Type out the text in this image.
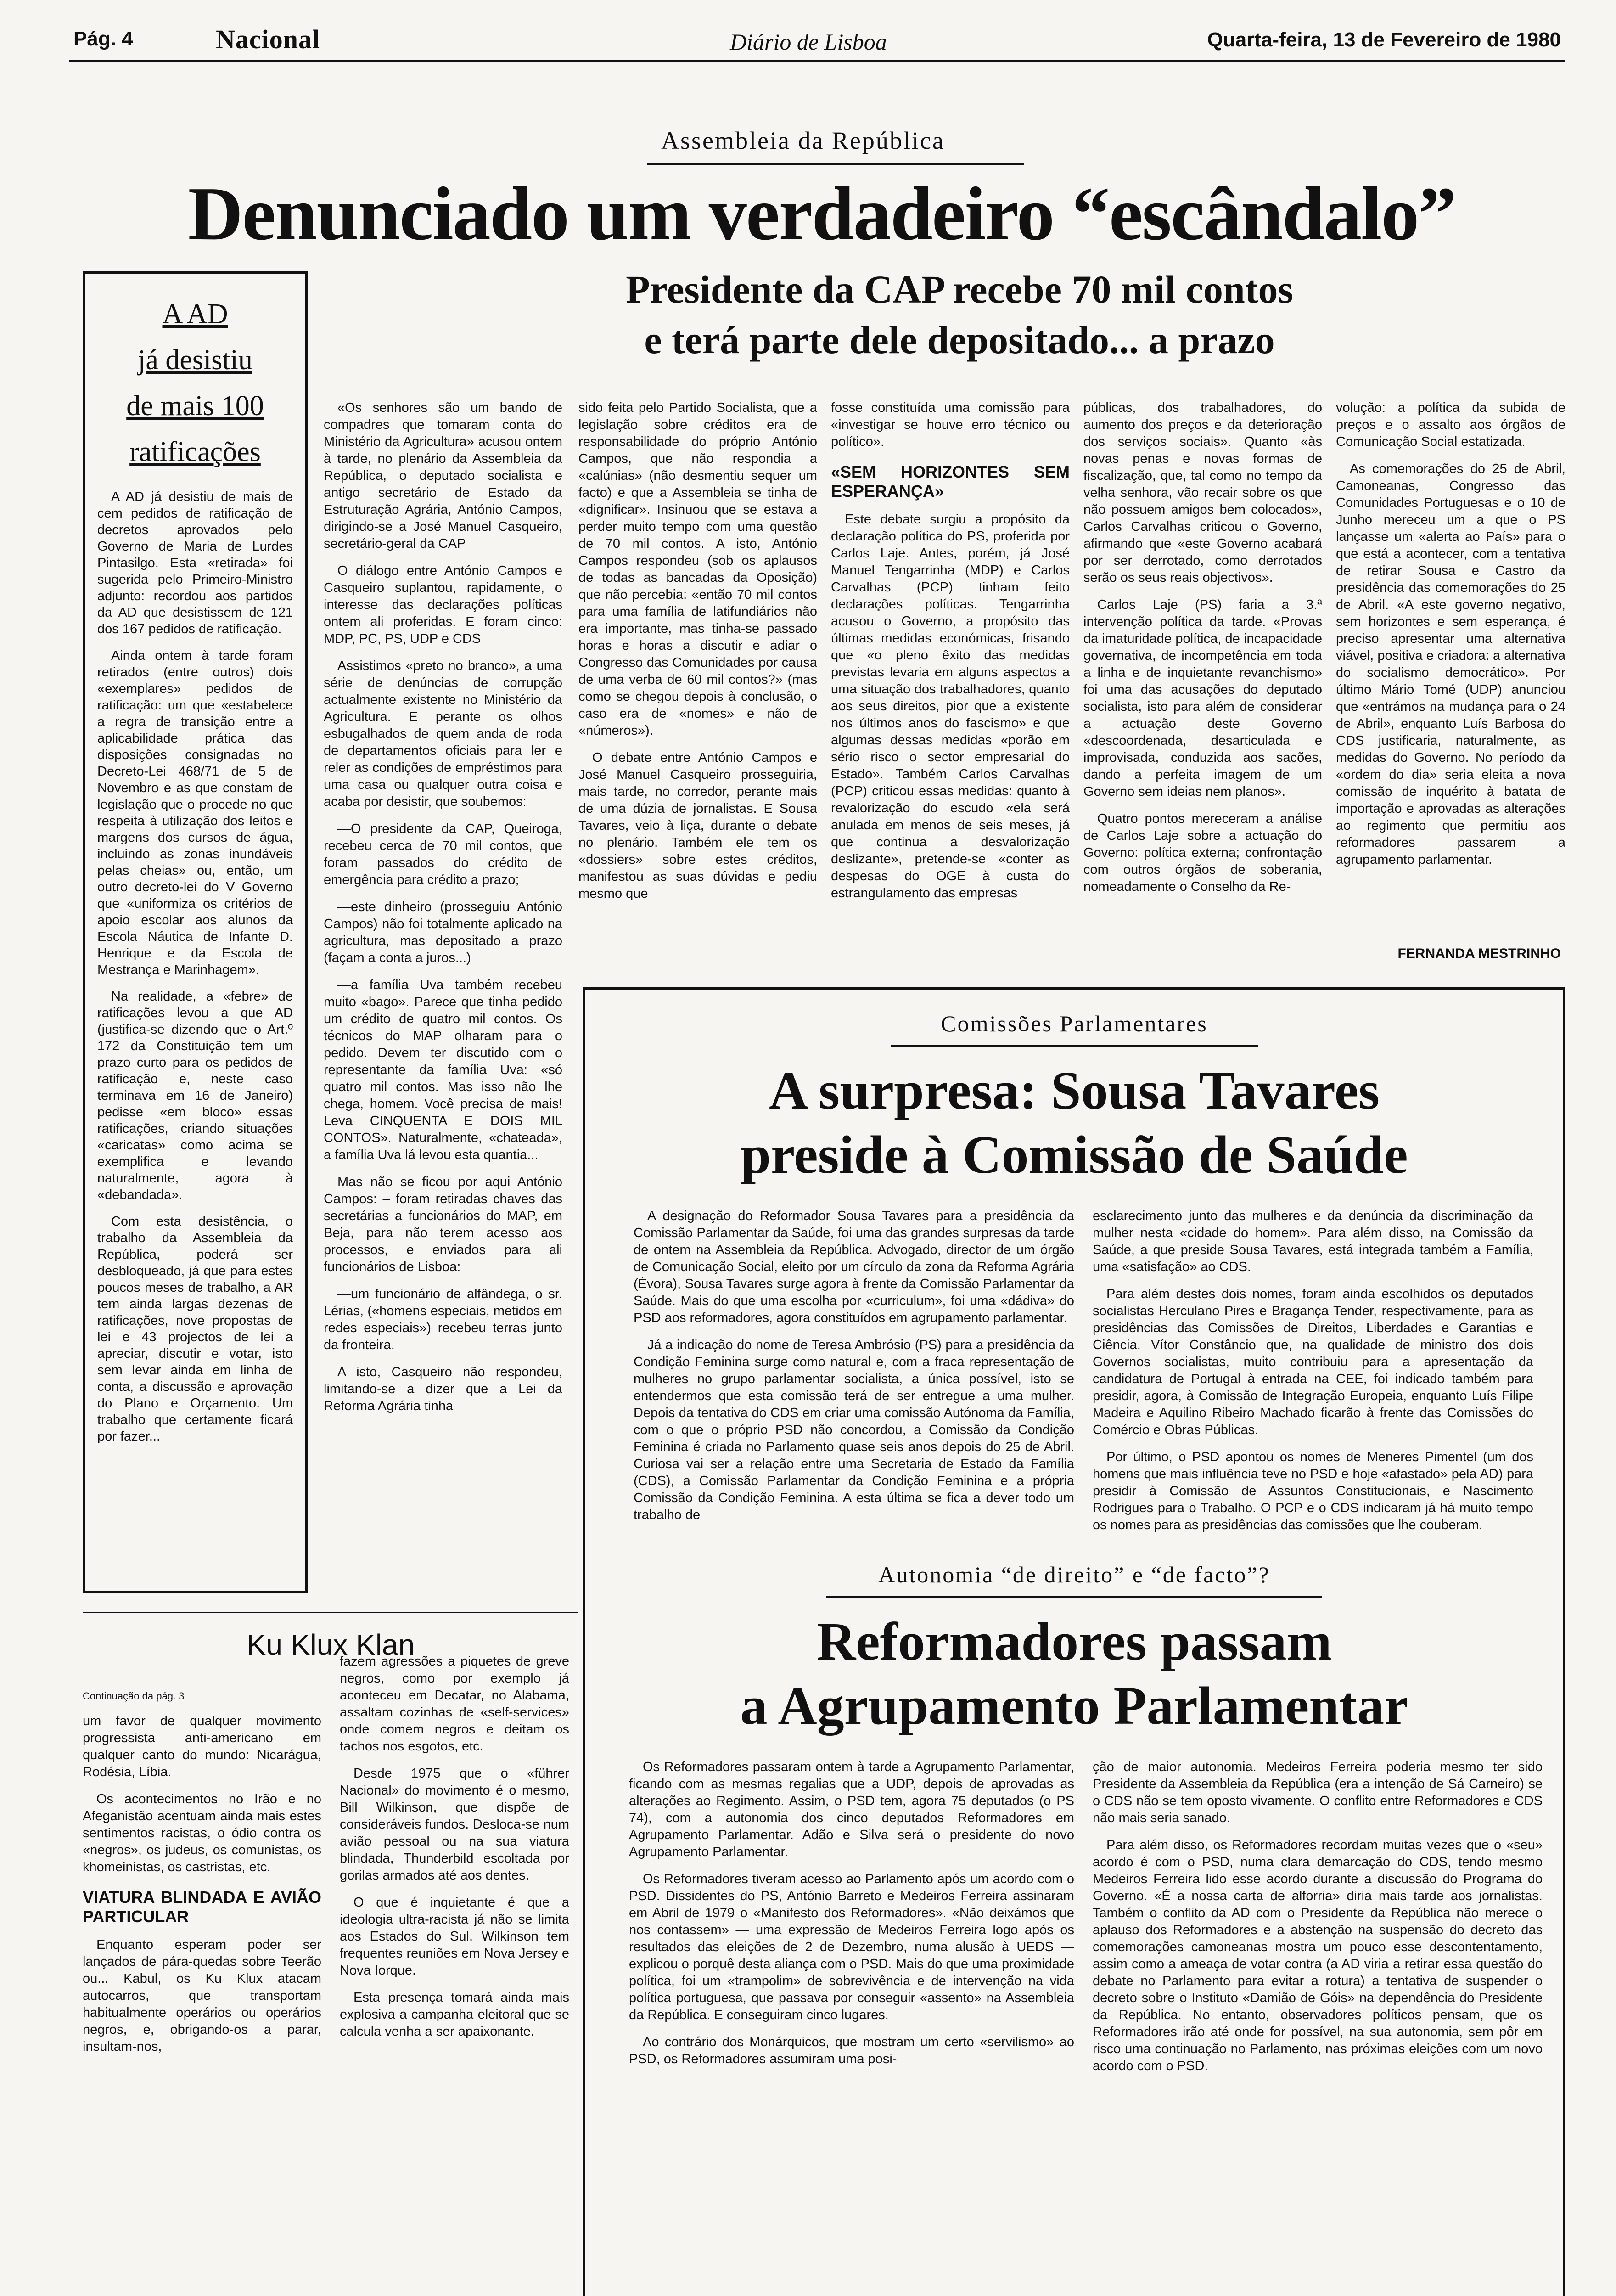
Pág. 4	Nacional	Diário de Lisboa	Quarta-feira, 13 de Fevereiro de 1980
Assembleia da República
Denunciado um verdadeiro “escândalo”
Presidente da CAP recebe 70 mil contos
e terá parte dele depositado... a prazo
A AD
já desistiu
de mais 100
ratificações

A AD já desistiu de mais de cem pedidos de ratificação de decretos aprovados pelo Governo de Maria de Lurdes Pintasilgo. Esta «retirada» foi sugerida pelo Primeiro-Ministro adjunto: recordou aos partidos da AD que desistissem de 121 dos 167 pedidos de ratificação.

Ainda ontem à tarde foram retirados (entre outros) dois «exemplares» pedidos de ratificação: um que «estabelece a regra de transição entre a aplicabilidade prática das disposições consignadas no Decreto-Lei 468/71 de 5 de Novembro e as que constam de legislação que o procede no que respeita à utilização dos leitos e margens dos cursos de água, incluindo as zonas inundáveis pelas cheias» ou, então, um outro decreto-lei do V Governo que «uniformiza os critérios de apoio escolar aos alunos da Escola Náutica de Infante D. Henrique e da Escola de Mestrança e Marinhagem».

Na realidade, a «febre» de ratificações levou a que AD (justifica-se dizendo que o Art.º 172 da Constituição tem um prazo curto para os pedidos de ratificação e, neste caso terminava em 16 de Janeiro) pedisse «em bloco» essas ratificações, criando situações «caricatas» como acima se exemplifica e levando naturalmente, agora à «debandada».

Com esta desistência, o trabalho da Assembleia da República, poderá ser desbloqueado, já que para estes poucos meses de trabalho, a AR tem ainda largas dezenas de ratificações, nove propostas de lei e 43 projectos de lei a apreciar, discutir e votar, isto sem levar ainda em linha de conta, a discussão e aprovação do Plano e Orçamento. Um trabalho que certamente ficará por fazer...

«Os senhores são um bando de compadres que tomaram conta do Ministério da Agricultura» acusou ontem à tarde, no plenário da Assembleia da República, o deputado socialista e antigo secretário de Estado da Estruturação Agrária, António Campos, dirigindo-se a José Manuel Casqueiro, secretário-geral da CAP

O diálogo entre António Campos e Casqueiro suplantou, rapidamente, o interesse das declarações políticas ontem ali proferidas. E foram cinco: MDP, PC, PS, UDP e CDS

Assistimos «preto no branco», a uma série de denúncias de corrupção actualmente existente no Ministério da Agricultura. E perante os olhos esbugalhados de quem anda de roda de departamentos oficiais para ler e reler as condições de empréstimos para uma casa ou qualquer outra coisa e acaba por desistir, que soubemos:

—O presidente da CAP, Queiroga, recebeu cerca de 70 mil contos, que foram passados do crédito de emergência para crédito a prazo;

—este dinheiro (prosseguiu António Campos) não foi totalmente aplicado na agricultura, mas depositado a prazo (façam a conta a juros...)

—a família Uva também recebeu muito «bago». Parece que tinha pedido um crédito de quatro mil contos. Os técnicos do MAP olharam para o pedido. Devem ter discutido com o representante da família Uva: «só quatro mil contos. Mas isso não lhe chega, homem. Você precisa de mais! Leva CINQUENTA E DOIS MIL CONTOS». Naturalmente, «chateada», a família Uva lá levou esta quantia...

Mas não se ficou por aqui António Campos: – foram retiradas chaves das secretárias a funcionários do MAP, em Beja, para não terem acesso aos processos, e enviados para ali funcionários de Lisboa:

—um funcionário de alfândega, o sr. Lérias, («homens especiais, metidos em redes especiais») recebeu terras junto da fronteira.

A isto, Casqueiro não respondeu, limitando-se a dizer que a Lei da Reforma Agrária tinha

sido feita pelo Partido Socialista, que a legislação sobre créditos era de responsabilidade do próprio António Campos, que não respondia a «calúnias» (não desmentiu sequer um facto) e que a Assembleia se tinha de «dignificar». Insinuou que se estava a perder muito tempo com uma questão de 70 mil contos. A isto, António Campos respondeu (sob os aplausos de todas as bancadas da Oposição) que não percebia: «então 70 mil contos para uma família de latifundiários não era importante, mas tinha-se passado horas e horas a discutir e adiar o Congresso das Comunidades por causa de uma verba de 60 mil contos?» (mas como se chegou depois à conclusão, o caso era de «nomes» e não de «números»).

O debate entre António Campos e José Manuel Casqueiro prosseguiria, mais tarde, no corredor, perante mais de uma dúzia de jornalistas. E Sousa Tavares, veio à liça, durante o debate no plenário. Também ele tem os «dossiers» sobre estes créditos, manifestou as suas dúvidas e pediu mesmo que

fosse constituída uma comissão para «investigar se houve erro técnico ou político».

«SEM HORIZONTES SEM ESPERANÇA»

Este debate surgiu a propósito da declaração política do PS, proferida por Carlos Laje. Antes, porém, já José Manuel Tengarrinha (MDP) e Carlos Carvalhas (PCP) tinham feito declarações políticas. Tengarrinha acusou o Governo, a propósito das últimas medidas económicas, frisando que «o pleno êxito das medidas previstas levaria em alguns aspectos a uma situação dos trabalhadores, quanto aos seus direitos, pior que a existente nos últimos anos do fascismo» e que algumas dessas medidas «porão em sério risco o sector empresarial do Estado». Também Carlos Carvalhas (PCP) criticou essas medidas: quanto à revalorização do escudo «ela será anulada em menos de seis meses, já que continua a desvalorização deslizante», pretende-se «conter as despesas do OGE à custa do estrangulamento das empresas

públicas, dos trabalhadores, do aumento dos preços e da deterioração dos serviços sociais». Quanto «às novas penas e novas formas de fiscalização, que, tal como no tempo da velha senhora, vão recair sobre os que não possuem amigos bem colocados», Carlos Carvalhas criticou o Governo, afirmando que «este Governo acabará por ser derrotado, como derrotados serão os seus reais objectivos».

Carlos Laje (PS) faria a 3.ª intervenção política da tarde. «Provas da imaturidade política, de incapacidade governativa, de incompetência em toda a linha e de inquietante revanchismo» foi uma das acusações do deputado socialista, isto para além de considerar a actuação deste Governo «descoordenada, desarticulada e improvisada, conduzida aos sacões, dando a perfeita imagem de um Governo sem ideias nem planos».

Quatro pontos mereceram a análise de Carlos Laje sobre a actuação do Governo: política externa; confrontação com outros órgãos de soberania, nomeadamente o Conselho da Re-

volução: a política da subida de preços e o assalto aos órgãos de Comunicação Social estatizada.

As comemorações do 25 de Abril, Camoneanas, Congresso das Comunidades Portuguesas e o 10 de Junho mereceu um a que o PS lançasse um «alerta ao País» para o que está a acontecer, com a tentativa de retirar Sousa e Castro da presidência das comemorações do 25 de Abril. «A este governo negativo, sem horizontes e sem esperança, é preciso apresentar uma alternativa viável, positiva e criadora: a alternativa do socialismo democrático». Por último Mário Tomé (UDP) anunciou que «entrámos na mudança para o 24 de Abril», enquanto Luís Barbosa do CDS justificaria, naturalmente, as medidas do Governo. No período da «ordem do dia» seria eleita a nova comissão de inquérito à batata de importação e aprovadas as alterações ao regimento que permitiu aos reformadores passarem a agrupamento parlamentar.

FERNANDA MESTRINHO
Ku Klux Klan

Continuação da pág. 3

um favor de qualquer movimento progressista anti-americano em qualquer canto do mundo: Nicarágua, Rodésia, Líbia.

Os acontecimentos no Irão e no Afeganistão acentuam ainda mais estes sentimentos racistas, o ódio contra os «negros», os judeus, os comunistas, os khomeinistas, os castristas, etc.

VIATURA BLINDADA E AVIÃO PARTICULAR

Enquanto esperam poder ser lançados de pára-quedas sobre Teerão ou... Kabul, os Ku Klux atacam autocarros, que transportam habitualmente operários ou operários negros, e, obrigando-os a parar, insultam-nos,

fazem agressões a piquetes de greve negros, como por exemplo já aconteceu em Decatar, no Alabama, assaltam cozinhas de «self-services» onde comem negros e deitam os tachos nos esgotos, etc.

Desde 1975 que o «führer Nacional» do movimento é o mesmo, Bill Wilkinson, que dispõe de consideráveis fundos. Desloca-se num avião pessoal ou na sua viatura blindada, Thunderbild escoltada por gorilas armados até aos dentes.

O que é inquietante é que a ideologia ultra-racista já não se limita aos Estados do Sul. Wilkinson tem frequentes reuniões em Nova Jersey e Nova Iorque.

Esta presença tomará ainda mais explosiva a campanha eleitoral que se calcula venha a ser apaixonante.

Comissões Parlamentares
A surpresa: Sousa Tavares
preside à Comissão de Saúde

A designação do Reformador Sousa Tavares para a presidência da Comissão Parlamentar da Saúde, foi uma das grandes surpresas da tarde de ontem na Assembleia da República. Advogado, director de um órgão de Comunicação Social, eleito por um círculo da zona da Reforma Agrária (Évora), Sousa Tavares surge agora à frente da Comissão Parlamentar da Saúde. Mais do que uma escolha por «curriculum», foi uma «dádiva» do PSD aos reformadores, agora constituídos em agrupamento parlamentar.

Já a indicação do nome de Teresa Ambrósio (PS) para a presidência da Condição Feminina surge como natural e, com a fraca representação de mulheres no grupo parlamentar socialista, a única possível, isto se entendermos que esta comissão terá de ser entregue a uma mulher. Depois da tentativa do CDS em criar uma comissão Autónoma da Família, com o que o próprio PSD não concordou, a Comissão da Condição Feminina é criada no Parlamento quase seis anos depois do 25 de Abril. Curiosa vai ser a relação entre uma Secretaria de Estado da Família (CDS), a Comissão Parlamentar da Condição Feminina e a própria Comissão da Condição Feminina. A esta última se fica a dever todo um trabalho de

esclarecimento junto das mulheres e da denúncia da discriminação da mulher nesta «cidade do homem». Para além disso, na Comissão da Saúde, a que preside Sousa Tavares, está integrada também a Família, uma «satisfação» ao CDS.

Para além destes dois nomes, foram ainda escolhidos os deputados socialistas Herculano Pires e Bragança Tender, respectivamente, para as presidências das Comissões de Direitos, Liberdades e Garantias e Ciência. Vítor Constâncio que, na qualidade de ministro dos dois Governos socialistas, muito contribuiu para a apresentação da candidatura de Portugal à entrada na CEE, foi indicado também para presidir, agora, à Comissão de Integração Europeia, enquanto Luís Filipe Madeira e Aquilino Ribeiro Machado ficarão à frente das Comissões do Comércio e Obras Públicas.

Por último, o PSD apontou os nomes de Meneres Pimentel (um dos homens que mais influência teve no PSD e hoje «afastado» pela AD) para presidir à Comissão de Assuntos Constitucionais, e Nascimento Rodrigues para o Trabalho. O PCP e o CDS indicaram já há muito tempo os nomes para as presidências das comissões que lhe couberam.

Autonomia “de direito” e “de facto”?
Reformadores passam
a Agrupamento Parlamentar

Os Reformadores passaram ontem à tarde a Agrupamento Parlamentar, ficando com as mesmas regalias que a UDP, depois de aprovadas as alterações ao Regimento. Assim, o PSD tem, agora 75 deputados (o PS 74), com a autonomia dos cinco deputados Reformadores em Agrupamento Parlamentar. Adão e Silva será o presidente do novo Agrupamento Parlamentar.

Os Reformadores tiveram acesso ao Parlamento após um acordo com o PSD. Dissidentes do PS, António Barreto e Medeiros Ferreira assinaram em Abril de 1979 o «Manifesto dos Reformadores». «Não deixámos que nos contassem» — uma expressão de Medeiros Ferreira logo após os resultados das eleições de 2 de Dezembro, numa alusão à UEDS — explicou o porquê desta aliança com o PSD. Mais do que uma proximidade política, foi um «trampolim» de sobrevivência e de intervenção na vida política portuguesa, que passava por conseguir «assento» na Assembleia da República. E conseguiram cinco lugares.

Ao contrário dos Monárquicos, que mostram um certo «servilismo» ao PSD, os Reformadores assumiram uma posi-

ção de maior autonomia. Medeiros Ferreira poderia mesmo ter sido Presidente da Assembleia da República (era a intenção de Sá Carneiro) se o CDS não se tem oposto vivamente. O conflito entre Reformadores e CDS não mais seria sanado.

Para além disso, os Reformadores recordam muitas vezes que o «seu» acordo é com o PSD, numa clara demarcação do CDS, tendo mesmo Medeiros Ferreira lido esse acordo durante a discussão do Programa do Governo. «É a nossa carta de alforria» diria mais tarde aos jornalistas. Também o conflito da AD com o Presidente da República não merece o aplauso dos Reformadores e a abstenção na suspensão do decreto das comemorações camoneanas mostra um pouco esse descontentamento, assim como a ameaça de votar contra (a AD viria a retirar essa questão do debate no Parlamento para evitar a rotura) a tentativa de suspender o decreto sobre o Instituto «Damião de Góis» na dependência do Presidente da República. No entanto, observadores políticos pensam, que os Reformadores irão até onde for possível, na sua autonomia, sem pôr em risco uma continuação no Parlamento, nas próximas eleições com um novo acordo com o PSD.
